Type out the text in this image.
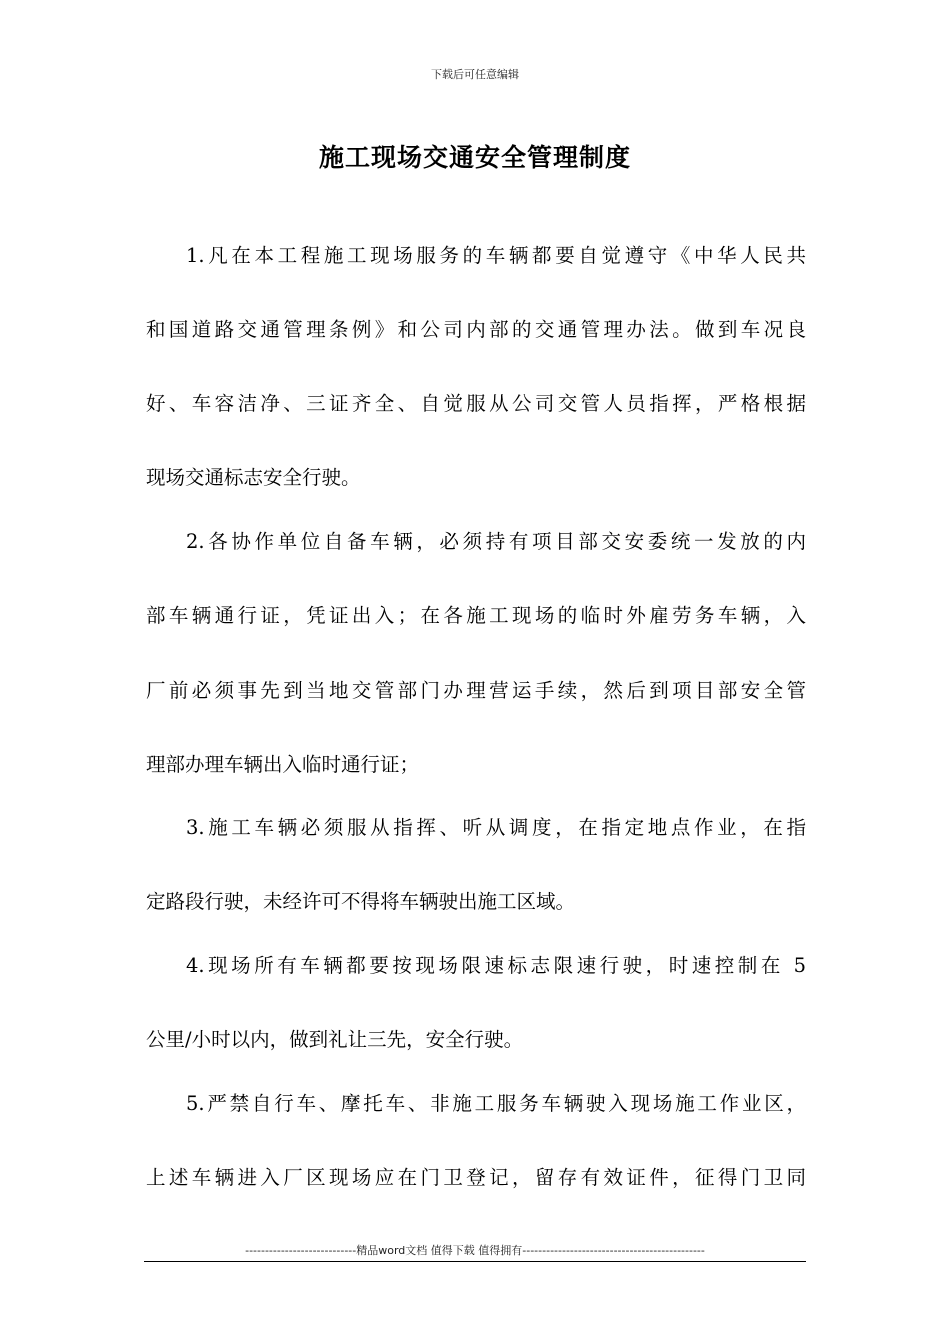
下载后可任意编辑
施工现场交通安全管理制度
1.凡在本工程施工现场服务的车辆都要自觉遵守《中华人民共
和国道路交通管理条例》和公司内部的交通管理办法。做到车况良
好、车容洁净、三证齐全、自觉服从公司交管人员指挥，严格根据
现场交通标志安全行驶。
2.各协作单位自备车辆，必须持有项目部交安委统一发放的内
部车辆通行证，凭证出入；在各施工现场的临时外雇劳务车辆，入
厂前必须事先到当地交管部门办理营运手续，然后到项目部安全管
理部办理车辆出入临时通行证；
3.施工车辆必须服从指挥、听从调度，在指定地点作业，在指
定路段行驶，未经许可不得将车辆驶出施工区域。
4.现场所有车辆都要按现场限速标志限速行驶，时速控制在 5
公里/小时以内，做到礼让三先，安全行驶。
5.严禁自行车、摩托车、非施工服务车辆驶入现场施工作业区，
上述车辆进入厂区现场应在门卫登记，留存有效证件，征得门卫同
----------------------------精品word文档 值得下载 值得拥有----------------------------------------------
